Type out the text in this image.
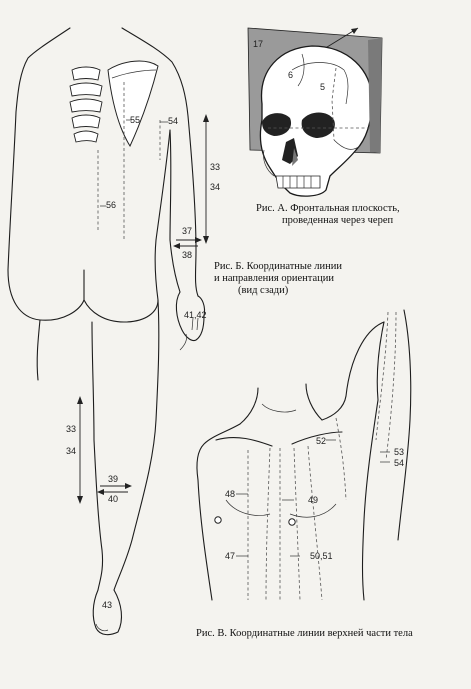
17
6
5
55	54
56
33
34
37
38
41,42
33
34
39
40
43
52
53
54
48
49
47	50,51
Рис. А. Фронтальная плоскость,
проведенная через череп
Рис. Б. Координатные линии
и направления ориентации
(вид сзади)
Рис. В. Координатные линии верхней части тела
